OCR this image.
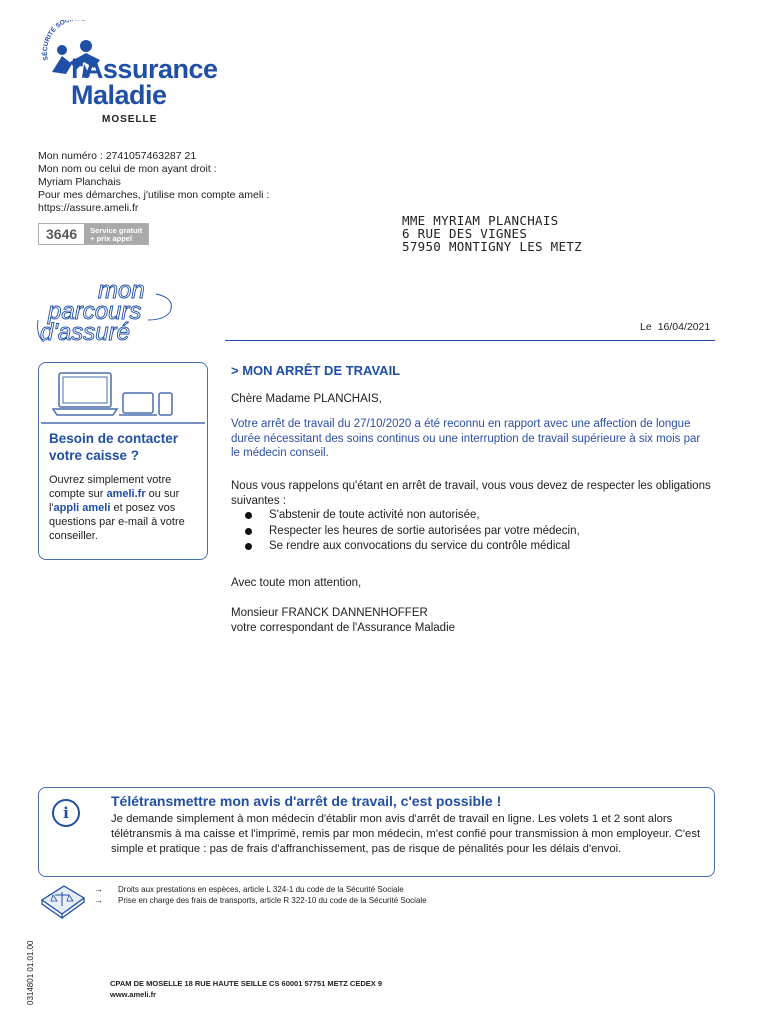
SÉCURITÉ SOC
l'Assurance
Maladie
MOSELLE
Mon numéro : 2741057463287 21
Mon nom ou celui de mon ayant droit :
Myriam Planchais
Pour mes démarches, j'utilise mon compte ameli :
https://assure.ameli.fr
3646	Service gratuit
+ prix appel
MME MYRIAM PLANCHAIS
6 RUE DES VIGNES
57950 MONTIGNY LES METZ
mon
parcours
d'assuré	Le 16/04/2021
Besoin de contacter
votre caisse ?
Ouvrez simplement votre compte sur ameli.fr ou sur l'appli ameli et posez vos questions par e-mail à votre conseiller.
> MON ARRÊT DE TRAVAIL
Chère Madame PLANCHAIS,
Votre arrêt de travail du 27/10/2020 a été reconnu en rapport avec une affection de longue durée nécessitant des soins continus ou une interruption de travail supérieure à six mois par le médecin conseil.
Nous vous rappelons qu'étant en arrêt de travail, vous vous devez de respecter les obligations suivantes :
S'abstenir de toute activité non autorisée,
Respecter les heures de sortie autorisées par votre médecin,
Se rendre aux convocations du service du contrôle médical
Avec toute mon attention,
Monsieur FRANCK DANNENHOFFER
votre correspondant de l'Assurance Maladie
i
Télétransmettre mon avis d'arrêt de travail, c'est possible !
Je demande simplement à mon médecin d'établir mon avis d'arrêt de travail en ligne. Les volets 1 et 2 sont alors télétransmis à ma caisse et l'imprimé, remis par mon médecin, m'est confié pour transmission à mon employeur. C'est simple et pratique : pas de frais d'affranchissement, pas de risque de pénalités pour les délais d'envoi.
→	Droits aux prestations en espèces, article L 324-1 du code de la Sécurité Sociale
→	Prise en charge des frais de transports, article R 322-10 du code de la Sécurité Sociale
0314801 01.01.00	CPAM DE MOSELLE 18 RUE HAUTE SEILLE CS 60001 57751 METZ CEDEX 9
www.ameli.fr
